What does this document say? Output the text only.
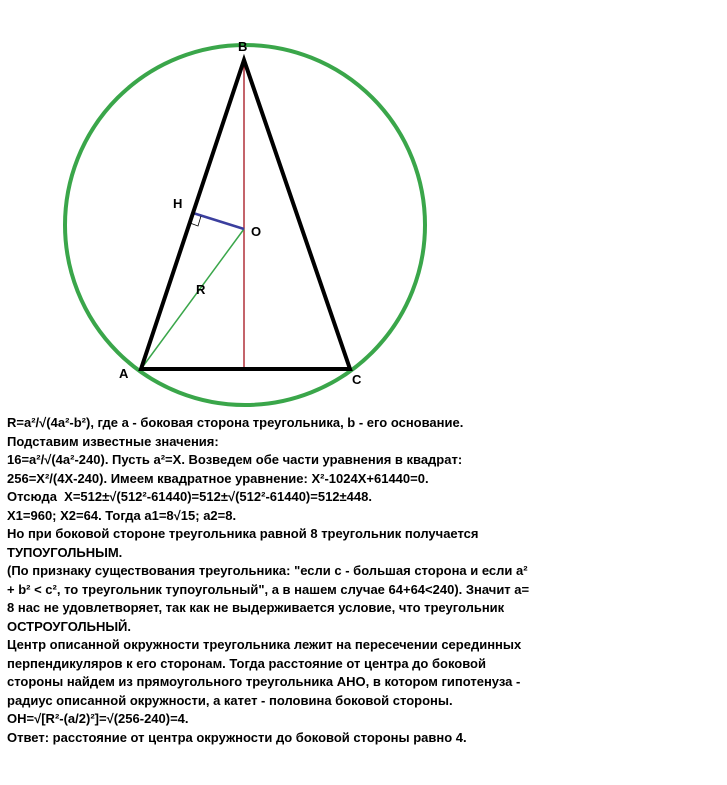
B
A	C
O
H
R
R=a²/√(4a²-b²), где a - боковая сторона треугольника, b - его основание.
Подставим известные значения:
16=a²/√(4a²-240). Пусть a²=X. Возведем обе части уравнения в квадрат:
256=X²/(4X-240). Имеем квадратное уравнение: X²-1024X+61440=0.
Отсюда  X=512±√(512²-61440)=512±√(512²-61440)=512±448.
X1=960; X2=64. Тогда a1=8√15; a2=8.
Но при боковой стороне треугольника равной 8 треугольник получается
ТУПОУГОЛЬНЫМ.
(По признаку существования треугольника: "если c - большая сторона и если a²
+ b² < c², то треугольник тупоугольный", а в нашем случае 64+64<240). Значит a=
8 нас не удовлетворяет, так как не выдерживается условие, что треугольник
ОСТРОУГОЛЬНЫЙ.
Центр описанной окружности треугольника лежит на пересечении серединных
перпендикуляров к его сторонам. Тогда расстояние от центра до боковой
стороны найдем из прямоугольного треугольника АНО, в котором гипотенуза -
радиус описанной окружности, а катет - половина боковой стороны.
OH=√[R²-(a/2)²]=√(256-240)=4.
Ответ: расстояние от центра окружности до боковой стороны равно 4.
